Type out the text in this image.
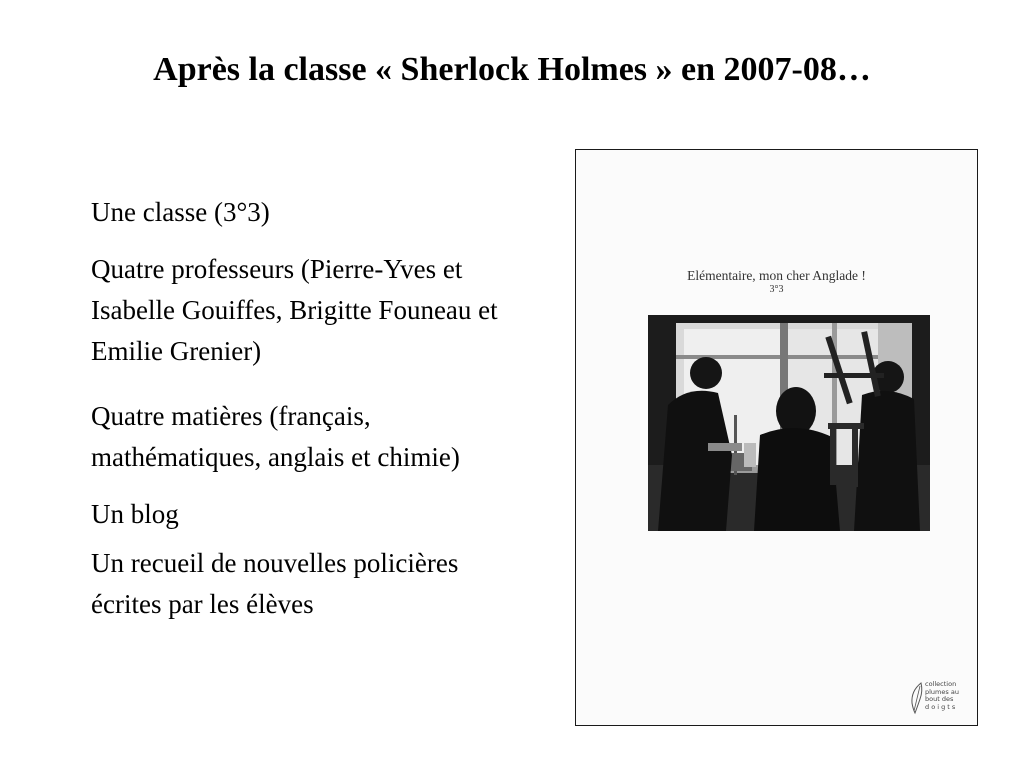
Après la classe « Sherlock Holmes » en 2007-08…
Une classe (3°3)
Quatre professeurs (Pierre-Yves et Isabelle Gouiffes, Brigitte Founeau et Emilie Grenier)
Quatre matières (français, mathématiques, anglais et chimie)
Un blog
Un recueil de nouvelles policières écrites par les élèves
Elémentaire, mon cher Anglade !
3°3
collection
plumes au
bout des
d o i g t s
